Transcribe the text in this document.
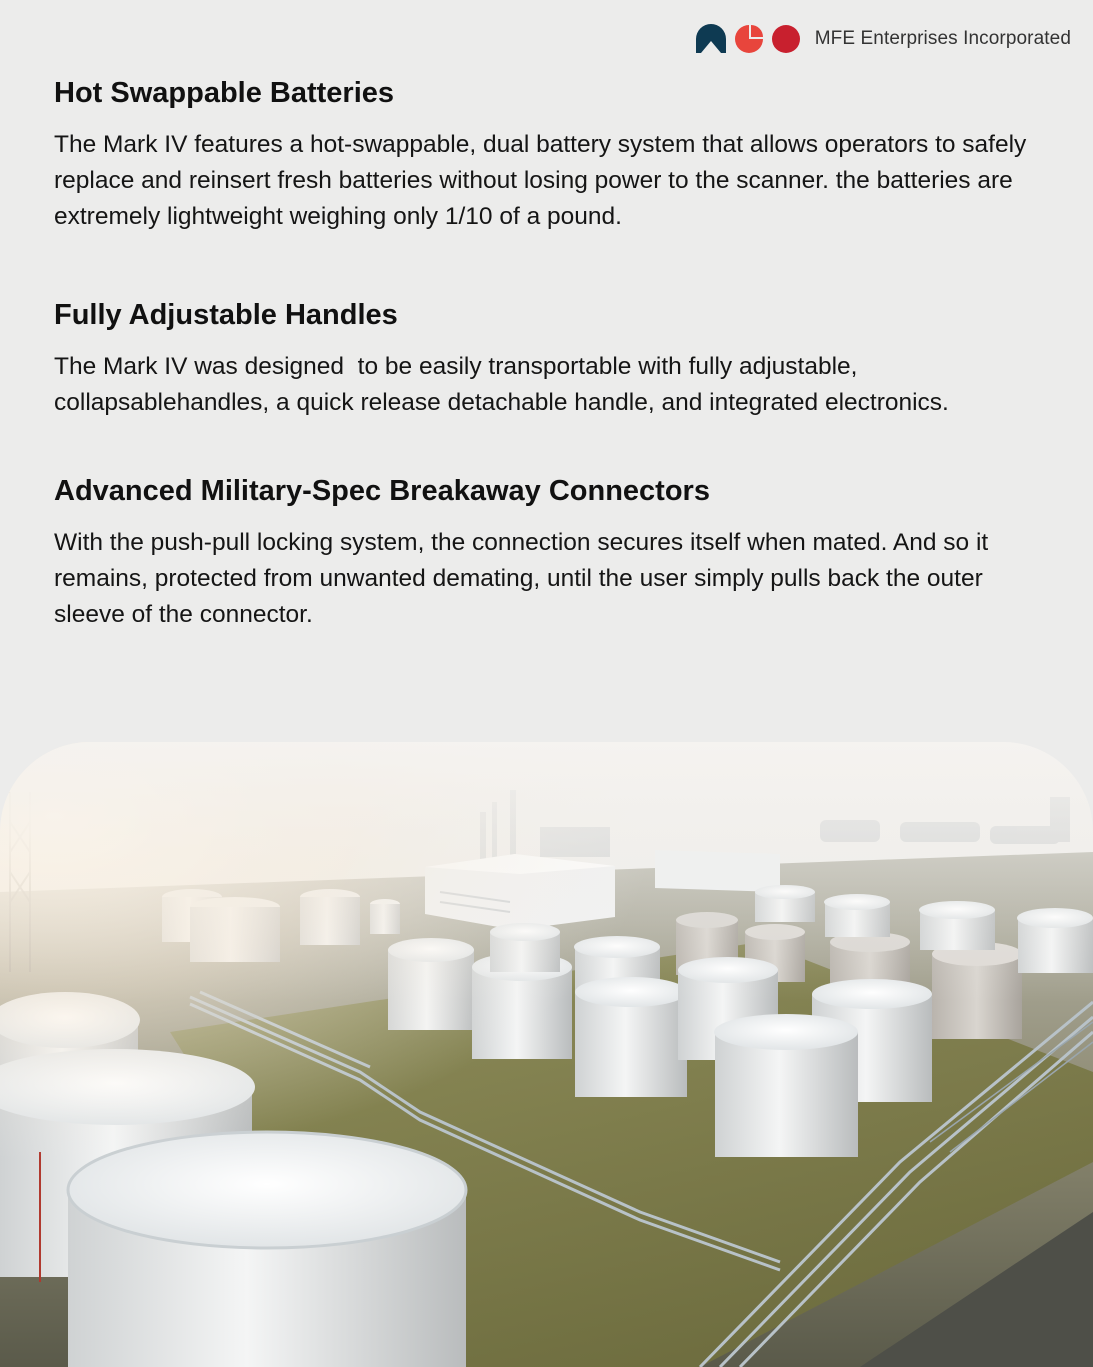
MFE Enterprises Incorporated
Hot Swappable Batteries

The Mark IV features a hot-swappable, dual battery system that allows operators to safely replace and reinsert fresh batteries without losing power to the scanner. the batteries are extremely lightweight weighing only 1/10 of a pound.

Fully Adjustable Handles

The Mark IV was designed  to be easily transportable with fully adjustable, collapsablehandles, a quick release detachable handle, and integrated electronics.

Advanced Military-Spec Breakaway Connectors

With the push-pull locking system, the connection secures itself when mated. And so it remains, protected from unwanted demating, until the user simply pulls back the outer sleeve of the connector.
